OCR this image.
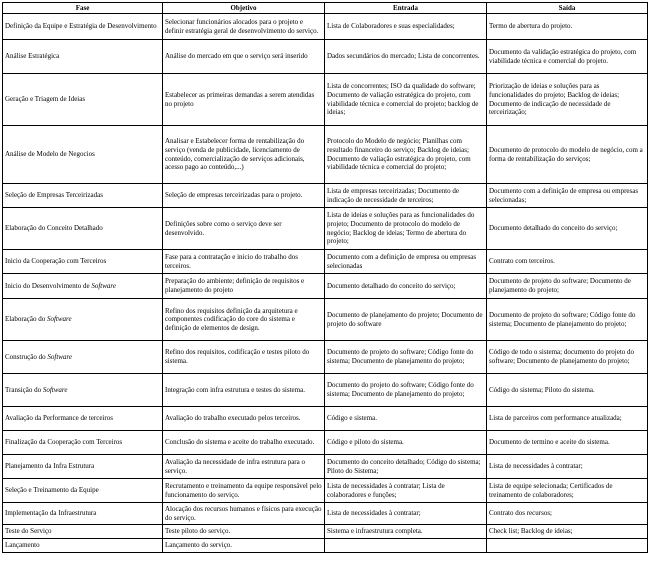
Fase	Objetivo	Entrada	Saída
Definição da Equipe e Estratégia de Desenvolvimento	Selecionar funcionários alocados para o projeto e definir estratégia geral de desenvolvimento do serviço.	Lista de Colaboradores e suas especialidades;	Termo de abertura do projeto.
Análise Estratégica	Análise do mercado em que o serviço será inserido	Dados secundários do mercado; Lista de concorrentes.	Documento da validação estratégica do projeto, com viabilidade técnica e comercial do projeto.
Geração e Triagem de Ideias	Estabelecer as primeiras demandas a serem atendidas no projeto	Lista de concorrentes; ISO da qualidade do software; Documento de valiação estratégica do projeto, com viabilidade técnica e comercial do projeto; backlog de ideias;	Priorização de ideias e soluções para as funcionalidades do projeto; Backlog de ideias; Documento de indicação de necessidade de terceirização;
Análise de Modelo de Negocios	Analisar e Estabelecer forma de rentabilização do serviço (venda de publicidade, licenciamento de conteúdo, comercialização de serviços adicionais, acesso pago ao conteúdo,...)	Protocolo do Modelo de negócio; Planilhas com resultado financeiro do serviço; Backlog de ideias; Documento de valiação estratégica do projeto, com viabilidade técnica e comercial do projeto;	Documento de protocolo do modelo de negócio, com a forma de rentabilização do serviços;
Seleção de Empresas Terceirizadas	Seleção de empresas terceirizadas para o projeto.	Lista de empresas terceirizadas; Documento de indicação de necessidade de terceiros;	Documento com a definição de empresa ou empresas selecionadas;
Elaboração do Conceito Detalhado	Definições sobre como o serviço deve ser desenvolvido.	Lista de ideias e soluções para as funcionalidades do projeto; Documento de protocolo do modelo de negócio; Backlog de ideias; Termo de abertura do projeto;	Documento detalhado do conceito do serviço;
Inicio da Cooperação com Terceiros	Fase para a contratação e inicio do trabalho dos terceiros.	Documento com a definição de empresa ou empresas selecionadas	Contrato com terceiros.
Inicio do Desenvolvimento de Software	Preparação do ambiente; definição de requisitos e planejamento do projeto	Documento detalhado do conceito do serviço;	Documento de projeto do software; Documento de planejamento do projeto;
Elaboração do Software	Refino dos requisitos definição da arquitetura e componentes codificação do core do sistema e definição de elementos de design.	Documento de planejamento do projeto; Documento de projeto do software	Documento de projeto do software; Código fonte do sistema; Documento de planejamento do projeto;
Construção do Software	Refino dos requisitos, codificação e testes piloto do sistema.	Documento de projeto do software; Código fonte do sistema; Documento de planejamento do projeto;	Código de todo o sistema; documento do projeto do software; Documento de planejamento do projeto;
Transição do Software	Integração com infra estrutura e testes do sistema.	Documento do projeto do software; Código fonte do sistema; Documento de planejamento do projeto;	Código do sistema; Piloto do sistema.
Avaliação da Performance de terceiros	Avaliação do trabalho executado pelos terceiros.	Código e sistema.	Lista de parceiros com performance atualizada;
Finalização da Cooperação com Terceiros	Conclusão do sistema e aceite do trabalho executado.	Código e piloto do sistema.	Documento de termino e aceite do sistema.
Planejamento da Infra Estrutura	Avaliação da necessidade de infra estrutura para o serviço.	Documento do conceito detalhado; Código do sistema; Piloto do Sistema;	Lista de necessidades à contratar;
Seleção e Treinamento da Equipe	Recrutamento e treinamento da equipe responsável pelo funcionamento do serviço.	Lista de necessidades à contratar; Lista de colaboradores e funções;	Lista de equipe selecionada; Certificados de treinamento de colaboradores;
Implementação da Infraestrutura	Alocação dos recursos humanos e físicos para execução do serviço.	Lista de necessidades à contratar;	Contrato dos recursos;
Teste do Serviço	Teste piloto do serviço.	Sistema e infraestrutura completa.	Check list; Backlog de ideias;
Lançamento	Lançamento do serviço.		
